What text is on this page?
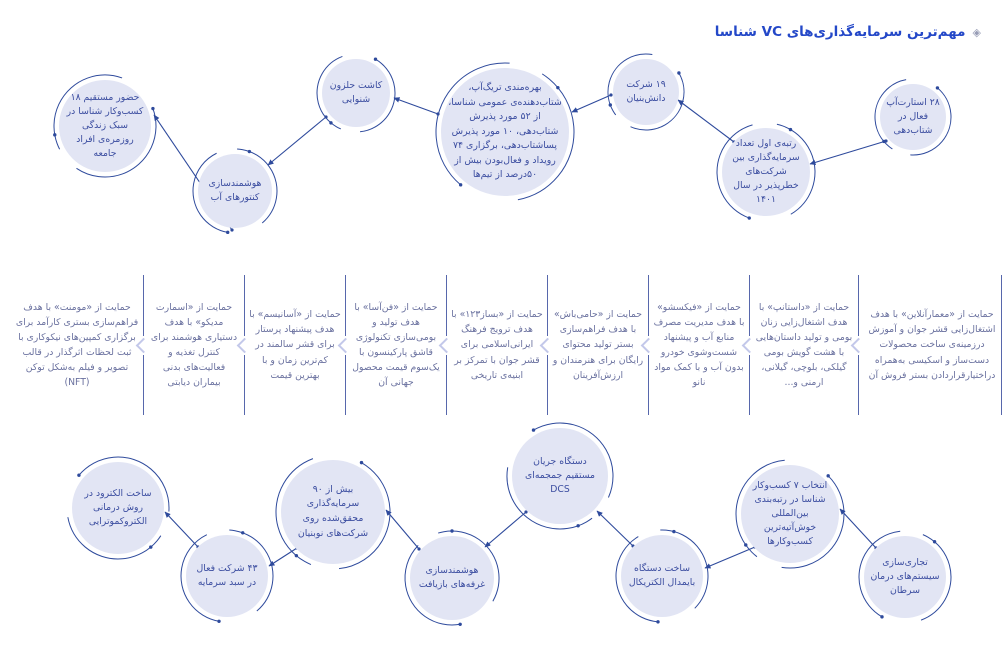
◈
مهم‌ترین سرمایه‌گذاری‌های VC شناسا
۲۸ استارت‌آپ فعال در شتاب‌دهی
رتبه‌ی اول تعداد سرمایه‌گذاری بین شرکت‌های خطرپذیر در سال ۱۴۰۱
۱۹ شرکت دانش‌بنیان
بهره‌مندی تریگ‌آپ، شتاب‌دهنده‌ی عمومی شناسا، از ۵۲ مورد پذیرش شتاب‌دهی، ۱۰ مورد پذیرش پساشتاب‌دهی، برگزاری ۷۴ رویداد و فعال‌بودن بیش از ۵۰درصد از تیم‌ها
کاشت حلزون شنوایی
هوشمندسازی کنتورهای آب
حضور مستقیم ۱۸ کسب‌وکار شناسا در سبک زندگی روزمره‌ی افراد جامعه
حمایت از «معمارآنلاین» با هدف اشتغال‌زایی قشر جوان و آموزش درزمینه‌ی ساخت محصولات دست‌ساز و اسکیسی به‌همراه دراختیارقراردادن بستر فروش آن
حمایت از «داستانپ» با هدف اشتغال‌زایی زنان بومی و تولید داستان‌هایی با هشت گویش بومی گیلکی، بلوچی، گیلانی، ارمنی و...
حمایت از «فیکسشو» با هدف مدیریت مصرف منابع آب و پیشنهاد شست‌وشوی خودرو بدون آب و با کمک مواد نانو
حمایت از «حامی‌باش» با هدف فراهم‌سازی بستر تولید محتوای رایگان برای هنرمندان و ارزش‌آفرینان
حمایت از «بساز۱۲۳» با هدف ترویج فرهنگ ایرانی‌اسلامی برای قشر جوان با تمرکز بر ابنیه‌ی تاریخی
حمایت از «فن‌آسا» با هدف تولید و بومی‌سازی تکنولوژی قاشق پارکینسون با یک‌سوم قیمت محصول جهانی آن
حمایت از «آسانیسم» با هدف پیشنهاد پرستار برای قشر سالمند در کم‌ترین زمان و با بهترین قیمت
حمایت از «اسمارت مدیکو» با هدف دستیاری هوشمند برای کنترل تغذیه و فعالیت‌های بدنی بیماران دیابتی
حمایت از «مومنت» با هدف فراهم‌سازی بستری کارآمد برای برگزاری کمپین‌های نیکوکاری با ثبت لحظات اثرگذار در قالب تصویر و فیلم به‌شکل توکن (NFT)
تجاری‌سازی سیستم‌های درمان سرطان
انتخاب ۷ کسب‌وکار شناسا در رتبه‌بندی بین‌المللی خوش‌آتیه‌ترین کسب‌وکارها
ساخت دستگاه بایمدال الکتریکال
دستگاه جریان مستقیم جمجمه‌ای DCS
هوشمندسازی غرفه‌های بازیافت
بیش از ۹۰ سرمایه‌گذاری محقق‌شده روی شرکت‌های نوبنیان
۴۳ شرکت فعال در سبد سرمایه
ساخت الکترود در روش درمانی الکتروکموترایی
